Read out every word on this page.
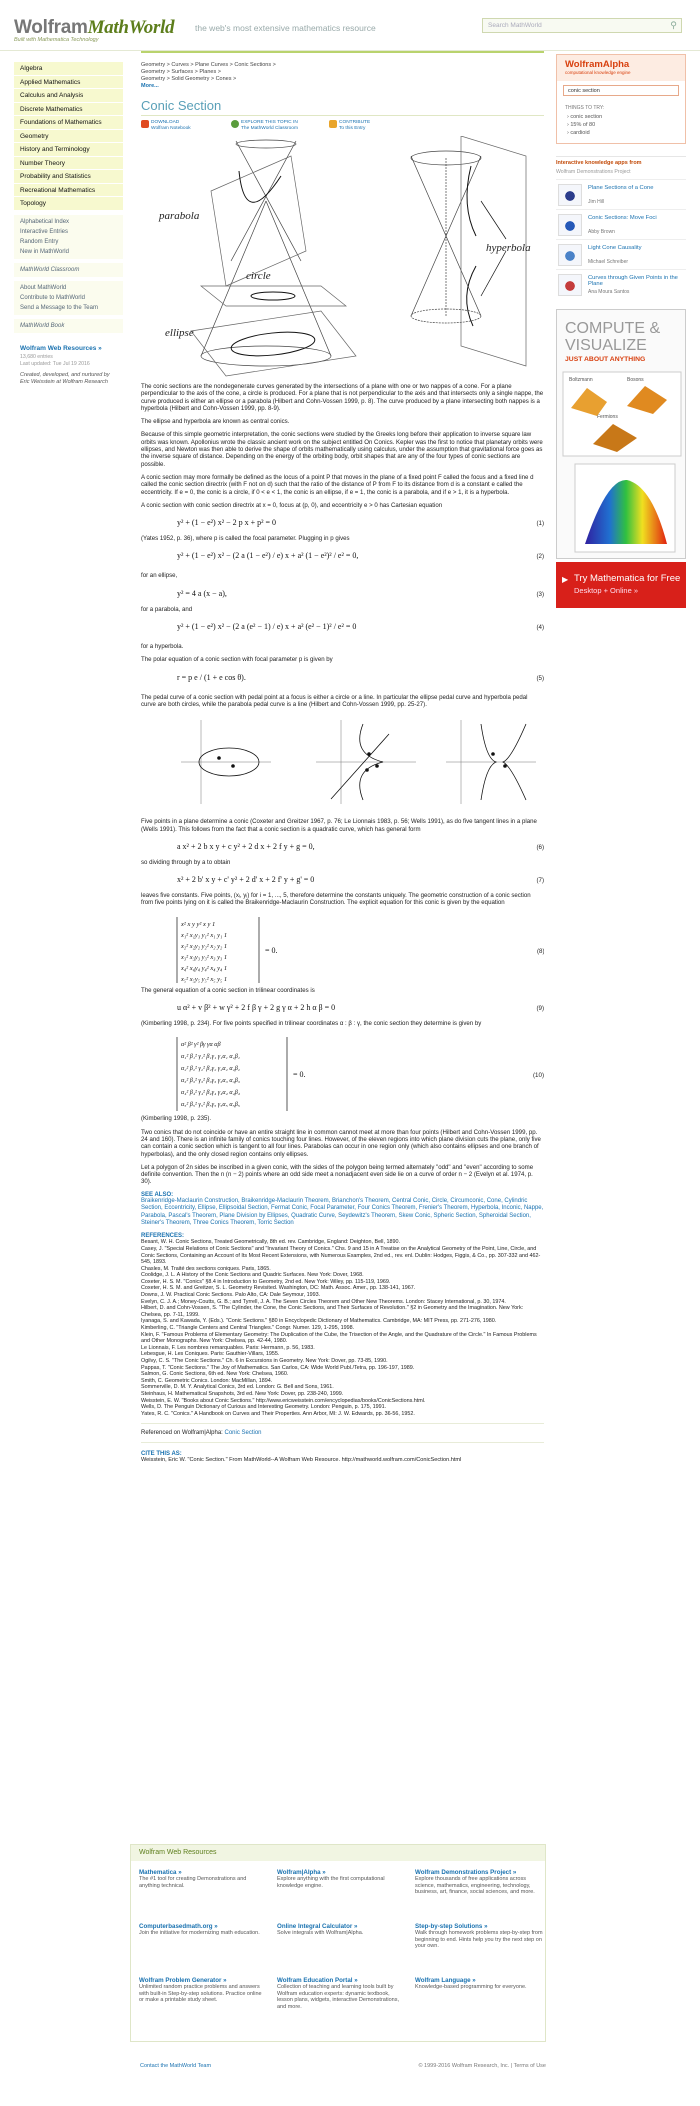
WolframMathWorld the web's most extensive mathematics resource
Built with Mathematica Technology
Search MathWorld	⚲
Algebra
Applied Mathematics
Calculus and Analysis
Discrete Mathematics
Foundations of Mathematics
Geometry
History and Terminology
Number Theory
Probability and Statistics
Recreational Mathematics
Topology
Alphabetical Index
Interactive Entries
Random Entry
New in MathWorld
MathWorld Classroom
About MathWorld
Contribute to MathWorld
Send a Message to the Team
MathWorld Book
Wolfram Web Resources »
13,680 entries
Last updated: Tue Jul 19 2016
Created, developed, and nurtured by Eric Weisstein at Wolfram Research
Geometry > Curves > Plane Curves > Conic Sections >
Geometry > Surfaces > Planes >
Geometry > Solid Geometry > Cones >
More...
Conic Section
DOWNLOAD
Wolfram Notebook
EXPLORE THIS TOPIC IN
The MathWorld Classroom
CONTRIBUTE
To this Entry
parabola
circle
ellipse
hyperbola

The conic sections are the nondegenerate curves generated by the intersections of a plane with one or two nappes of a cone. For a plane perpendicular to the axis of the cone, a circle is produced. For a plane that is not perpendicular to the axis and that intersects only a single nappe, the curve produced is either an ellipse or a parabola (Hilbert and Cohn-Vossen 1999, p. 8). The curve produced by a plane intersecting both nappes is a hyperbola (Hilbert and Cohn-Vossen 1999, pp. 8-9).

The ellipse and hyperbola are known as central conics.

Because of this simple geometric interpretation, the conic sections were studied by the Greeks long before their application to inverse square law orbits was known. Apollonius wrote the classic ancient work on the subject entitled On Conics. Kepler was the first to notice that planetary orbits were ellipses, and Newton was then able to derive the shape of orbits mathematically using calculus, under the assumption that gravitational force goes as the inverse square of distance. Depending on the energy of the orbiting body, orbit shapes that are any of the four types of conic sections are possible.

A conic section may more formally be defined as the locus of a point P that moves in the plane of a fixed point F called the focus and a fixed line d called the conic section directrix (with F not on d) such that the ratio of the distance of P from F to its distance from d is a constant e called the eccentricity. If e = 0, the conic is a circle, if 0 < e < 1, the conic is an ellipse, if e = 1, the conic is a parabola, and if e > 1, it is a hyperbola.

A conic section with conic section directrix at x = 0, focus at (p, 0), and eccentricity e > 0 has Cartesian equation

y² + (1 − e²) x² − 2 p x + p² = 0	(1)

(Yates 1952, p. 36), where p is called the focal parameter. Plugging in p gives

y² + (1 − e²) x² − (2 a (1 − e²) / e) x + a² (1 − e²)² / e² = 0,	(2)

for an ellipse,

y² = 4 a (x − a),	(3)

for a parabola, and

y² + (1 − e²) x² − (2 a (e² − 1) / e) x + a² (e² − 1)² / e² = 0	(4)

for a hyperbola.

The polar equation of a conic section with focal parameter p is given by

r = p e / (1 + e cos θ).	(5)

The pedal curve of a conic section with pedal point at a focus is either a circle or a line. In particular the ellipse pedal curve and hyperbola pedal curve are both circles, while the parabola pedal curve is a line (Hilbert and Cohn-Vossen 1999, pp. 25-27).

Five points in a plane determine a conic (Coxeter and Greitzer 1967, p. 76; Le Lionnais 1983, p. 56; Wells 1991), as do five tangent lines in a plane (Wells 1991). This follows from the fact that a conic section is a quadratic curve, which has general form

a x² + 2 b x y + c y² + 2 d x + 2 f y + g = 0,	(6)

so dividing through by a to obtain

x² + 2 b' x y + c' y² + 2 d' x + 2 f' y + g' = 0	(7)

leaves five constants. Five points, (xᵢ, yᵢ) for i = 1, ..., 5, therefore determine the constants uniquely. The geometric construction of a conic section from five points lying on it is called the Braikenridge-Maclaurin Construction. The explicit equation for this conic is given by the equation

x² x y y² x y 1
x₁² x₁y₁ y₁² x₁ y₁ 1
x₂² x₂y₂ y₂² x₂ y₂ 1
x₃² x₃y₃ y₃² x₃ y₃ 1
x₄² x₄y₄ y₄² x₄ y₄ 1
x₅² x₅y₅ y₅² x₅ y₅ 1
= 0.	(8)

The general equation of a conic section in trilinear coordinates is

u α² + v β² + w γ² + 2 f β γ + 2 g γ α + 2 h α β = 0	(9)

(Kimberling 1998, p. 234). For five points specified in trilinear coordinates α : β : γ, the conic section they determine is given by

α² β² γ² βγ γα αβ
α₁² β₁² γ₁² β₁γ₁ γ₁α₁ α₁β₁
α₂² β₂² γ₂² β₂γ₂ γ₂α₂ α₂β₂
α₃² β₃² γ₃² β₃γ₃ γ₃α₃ α₃β₃
α₄² β₄² γ₄² β₄γ₄ γ₄α₄ α₄β₄
α₅² β₅² γ₅² β₅γ₅ γ₅α₅ α₅β₅
= 0.	(10)

(Kimberling 1998, p. 235).

Two conics that do not coincide or have an entire straight line in common cannot meet at more than four points (Hilbert and Cohn-Vossen 1999, pp. 24 and 160). There is an infinite family of conics touching four lines. However, of the eleven regions into which plane division cuts the plane, only five can contain a conic section which is tangent to all four lines. Parabolas can occur in one region only (which also contains ellipses and one branch of hyperbolas), and the only closed region contains only ellipses.

Let a polygon of 2n sides be inscribed in a given conic, with the sides of the polygon being termed alternately "odd" and "even" according to some definite convention. Then the n (n − 2) points where an odd side meet a nonadjacent even side lie on a curve of order n − 2 (Evelyn et al. 1974, p. 30).

SEE ALSO:
Braikenridge-Maclaurin Construction, Braikenridge-Maclaurin Theorem, Brianchon's Theorem, Central Conic, Circle, Circumconic, Cone, Cylindric Section, Eccentricity, Ellipse, Ellipsoidal Section, Fermat Conic, Focal Parameter, Four Conics Theorem, Frenier's Theorem, Hyperbola, Inconic, Nappe, Parabola, Pascal's Theorem, Plane Division by Ellipses, Quadratic Curve, Seydewitz's Theorem, Skew Conic, Spheric Section, Spheroidal Section, Steiner's Theorem, Three Conics Theorem, Torric Section
REFERENCES:

Besant, W. H. Conic Sections, Treated Geometrically, 8th ed. rev. Cambridge, England: Deighton, Bell, 1890.

Casey, J. "Special Relations of Conic Sections" and "Invariant Theory of Conics." Chs. 9 and 15 in A Treatise on the Analytical Geometry of the Point, Line, Circle, and Conic Sections, Containing an Account of Its Most Recent Extensions, with Numerous Examples, 2nd ed., rev. enl. Dublin: Hodges, Figgis, & Co., pp. 307-332 and 462-545, 1893.

Chasles, M. Traité des sections coniques. Paris, 1865.

Coolidge, J. L. A History of the Conic Sections and Quadric Surfaces. New York: Dover, 1968.

Coxeter, H. S. M. "Conics" §8.4 in Introduction to Geometry, 2nd ed. New York: Wiley, pp. 115-119, 1969.

Coxeter, H. S. M. and Greitzer, S. L. Geometry Revisited. Washington, DC: Math. Assoc. Amer., pp. 138-141, 1967.

Downs, J. W. Practical Conic Sections. Palo Alto, CA: Dale Seymour, 1993.

Evelyn, C. J. A.; Money-Coutts, G. B.; and Tyrrell, J. A. The Seven Circles Theorem and Other New Theorems. London: Stacey International, p. 30, 1974.

Hilbert, D. and Cohn-Vossen, S. "The Cylinder, the Cone, the Conic Sections, and Their Surfaces of Revolution." §2 in Geometry and the Imagination. New York: Chelsea, pp. 7-11, 1999.

Iyanaga, S. and Kawada, Y. (Eds.). "Conic Sections." §80 in Encyclopedic Dictionary of Mathematics. Cambridge, MA: MIT Press, pp. 271-276, 1980.

Kimberling, C. "Triangle Centers and Central Triangles." Congr. Numer. 129, 1-295, 1998.

Klein, F. "Famous Problems of Elementary Geometry: The Duplication of the Cube, the Trisection of the Angle, and the Quadrature of the Circle." In Famous Problems and Other Monographs. New York: Chelsea, pp. 42-44, 1980.

Le Lionnais, F. Les nombres remarquables. Paris: Hermann, p. 56, 1983.

Lebesgue, H. Les Coniques. Paris: Gauthier-Villars, 1955.

Ogilvy, C. S. "The Conic Sections." Ch. 6 in Excursions in Geometry. New York: Dover, pp. 73-85, 1990.

Pappas, T. "Conic Sections." The Joy of Mathematics. San Carlos, CA: Wide World Publ./Tetra, pp. 196-197, 1989.

Salmon, G. Conic Sections, 6th ed. New York: Chelsea, 1960.

Smith, C. Geometric Conics. London: MacMillan, 1894.

Sommerville, D. M. Y. Analytical Conics, 3rd ed. London: G. Bell and Sons, 1961.

Steinhaus, H. Mathematical Snapshots, 3rd ed. New York: Dover, pp. 238-240, 1999.

Weisstein, E. W. "Books about Conic Sections." http://www.ericweisstein.com/encyclopedias/books/ConicSections.html.

Wells, D. The Penguin Dictionary of Curious and Interesting Geometry. London: Penguin, p. 175, 1991.

Yates, R. C. "Conics." A Handbook on Curves and Their Properties. Ann Arbor, MI: J. W. Edwards, pp. 36-56, 1952.

Referenced on Wolfram|Alpha: Conic Section
CITE THIS AS:
Weisstein, Eric W. "Conic Section." From MathWorld--A Wolfram Web Resource. http://mathworld.wolfram.com/ConicSection.html
WolframAlpha
computational knowledge engine
conic section
THINGS TO TRY:
› conic section
› 15% of 80
› cardioid
Interactive knowledge apps from
Wolfram Demonstrations Project
Plane Sections of a Cone
Jim Hill
Conic Sections: Move Foci
Abby Brown
Light Cone Causality
Michael Schreiber
Curves through Given Points in the Plane
Ana Moura Santos
COMPUTE & VISUALIZE
JUST ABOUT ANYTHING
Boltzmann	Bosons
Fermions
▶ Try Mathematica for Free
Desktop + Online »
Wolfram Web Resources
Mathematica »
The #1 tool for creating Demonstrations and anything technical.
Wolfram|Alpha »
Explore anything with the first computational knowledge engine.
Wolfram Demonstrations Project »
Explore thousands of free applications across science, mathematics, engineering, technology, business, art, finance, social sciences, and more.
Computerbasedmath.org »
Join the initiative for modernizing math education.
Online Integral Calculator »
Solve integrals with Wolfram|Alpha.
Step-by-step Solutions »
Walk through homework problems step-by-step from beginning to end. Hints help you try the next step on your own.
Wolfram Problem Generator »
Unlimited random practice problems and answers with built-in Step-by-step solutions. Practice online or make a printable study sheet.
Wolfram Education Portal »
Collection of teaching and learning tools built by Wolfram education experts: dynamic textbook, lesson plans, widgets, interactive Demonstrations, and more.
Wolfram Language »
Knowledge-based programming for everyone.
Contact the MathWorld Team	© 1999-2016 Wolfram Research, Inc. | Terms of Use
